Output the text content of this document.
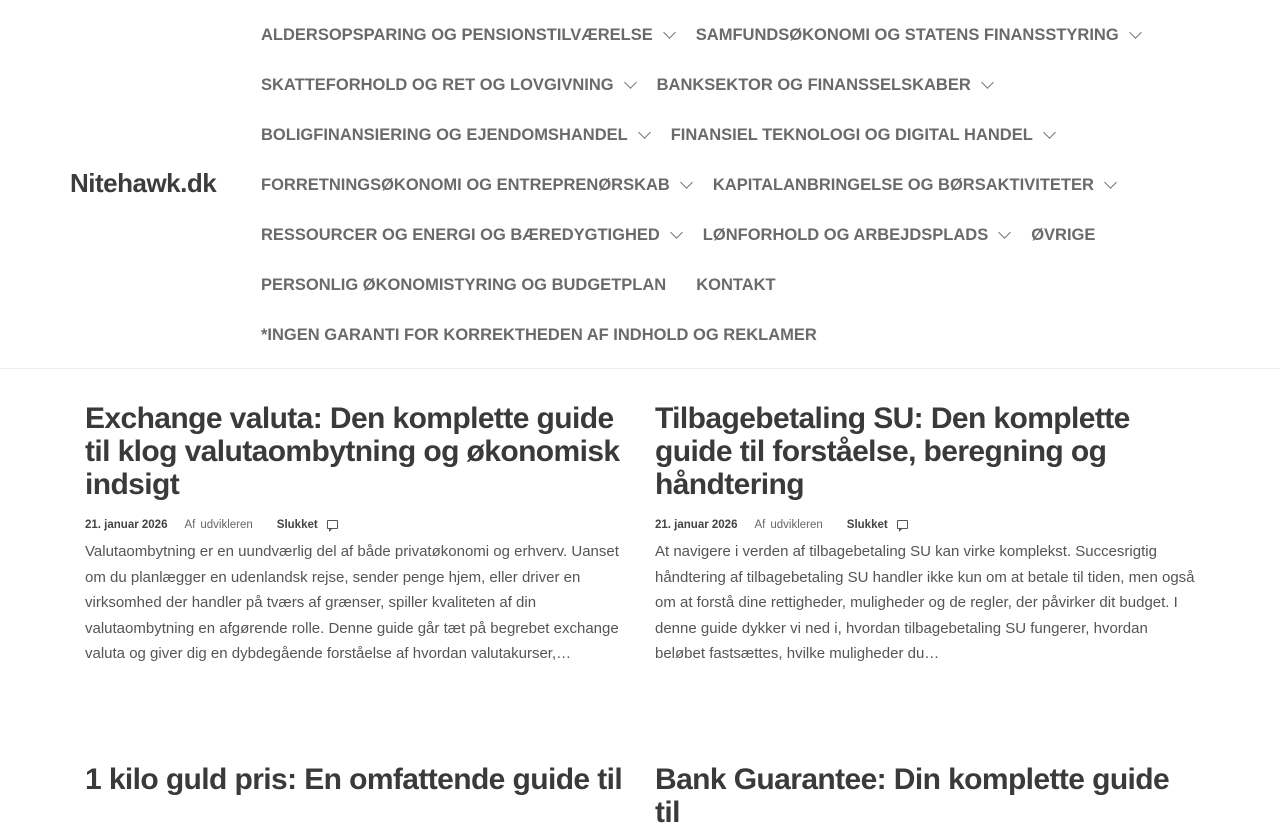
Nitehawk.dk
ALDERSOPSPARING OG PENSIONSTILVÆRELSE	SAMFUNDSØKONOMI OG STATENS FINANSSTYRING
SKATTEFORHOLD OG RET OG LOVGIVNING	BANKSEKTOR OG FINANSSELSKABER
BOLIGFINANSIERING OG EJENDOMSHANDEL	FINANSIEL TEKNOLOGI OG DIGITAL HANDEL
FORRETNINGSØKONOMI OG ENTREPRENØRSKAB	KAPITALANBRINGELSE OG BØRSAKTIVITETER
RESSOURCER OG ENERGI OG BÆREDYGTIGHED	LØNFORHOLD OG ARBEJDSPLADS	ØVRIGE
PERSONLIG ØKONOMISTYRING OG BUDGETPLAN KONTAKT
*INGEN GARANTI FOR KORREKTHEDEN AF INDHOLD OG REKLAMER
Exchange valuta: Den komplette guide til klog valutaombytning og økonomisk indsigt
21. januar 2026 Af udvikleren Slukket
Valutaombytning er en uundværlig del af både privatøkonomi og erhverv. Uanset om du planlægger en udenlandsk rejse, sender penge hjem, eller driver en virksomhed der handler på tværs af grænser, spiller kvaliteten af din valutaombytning en afgørende rolle. Denne guide går tæt på begrebet exchange valuta og giver dig en dybdegående forståelse af hvordan valutakurser,…
Tilbagebetaling SU: Den komplette guide til forståelse, beregning og håndtering
21. januar 2026 Af udvikleren Slukket
At navigere i verden af tilbagebetaling SU kan virke komplekst. Succesrigtig håndtering af tilbagebetaling SU handler ikke kun om at betale til tiden, men også om at forstå dine rettigheder, muligheder og de regler, der påvirker dit budget. I denne guide dykker vi ned i, hvordan tilbagebetaling SU fungerer, hvordan beløbet fastsættes, hvilke muligheder du…
1 kilo guld pris: En omfattende guide til Bank Guarantee: Din komplette guide til
